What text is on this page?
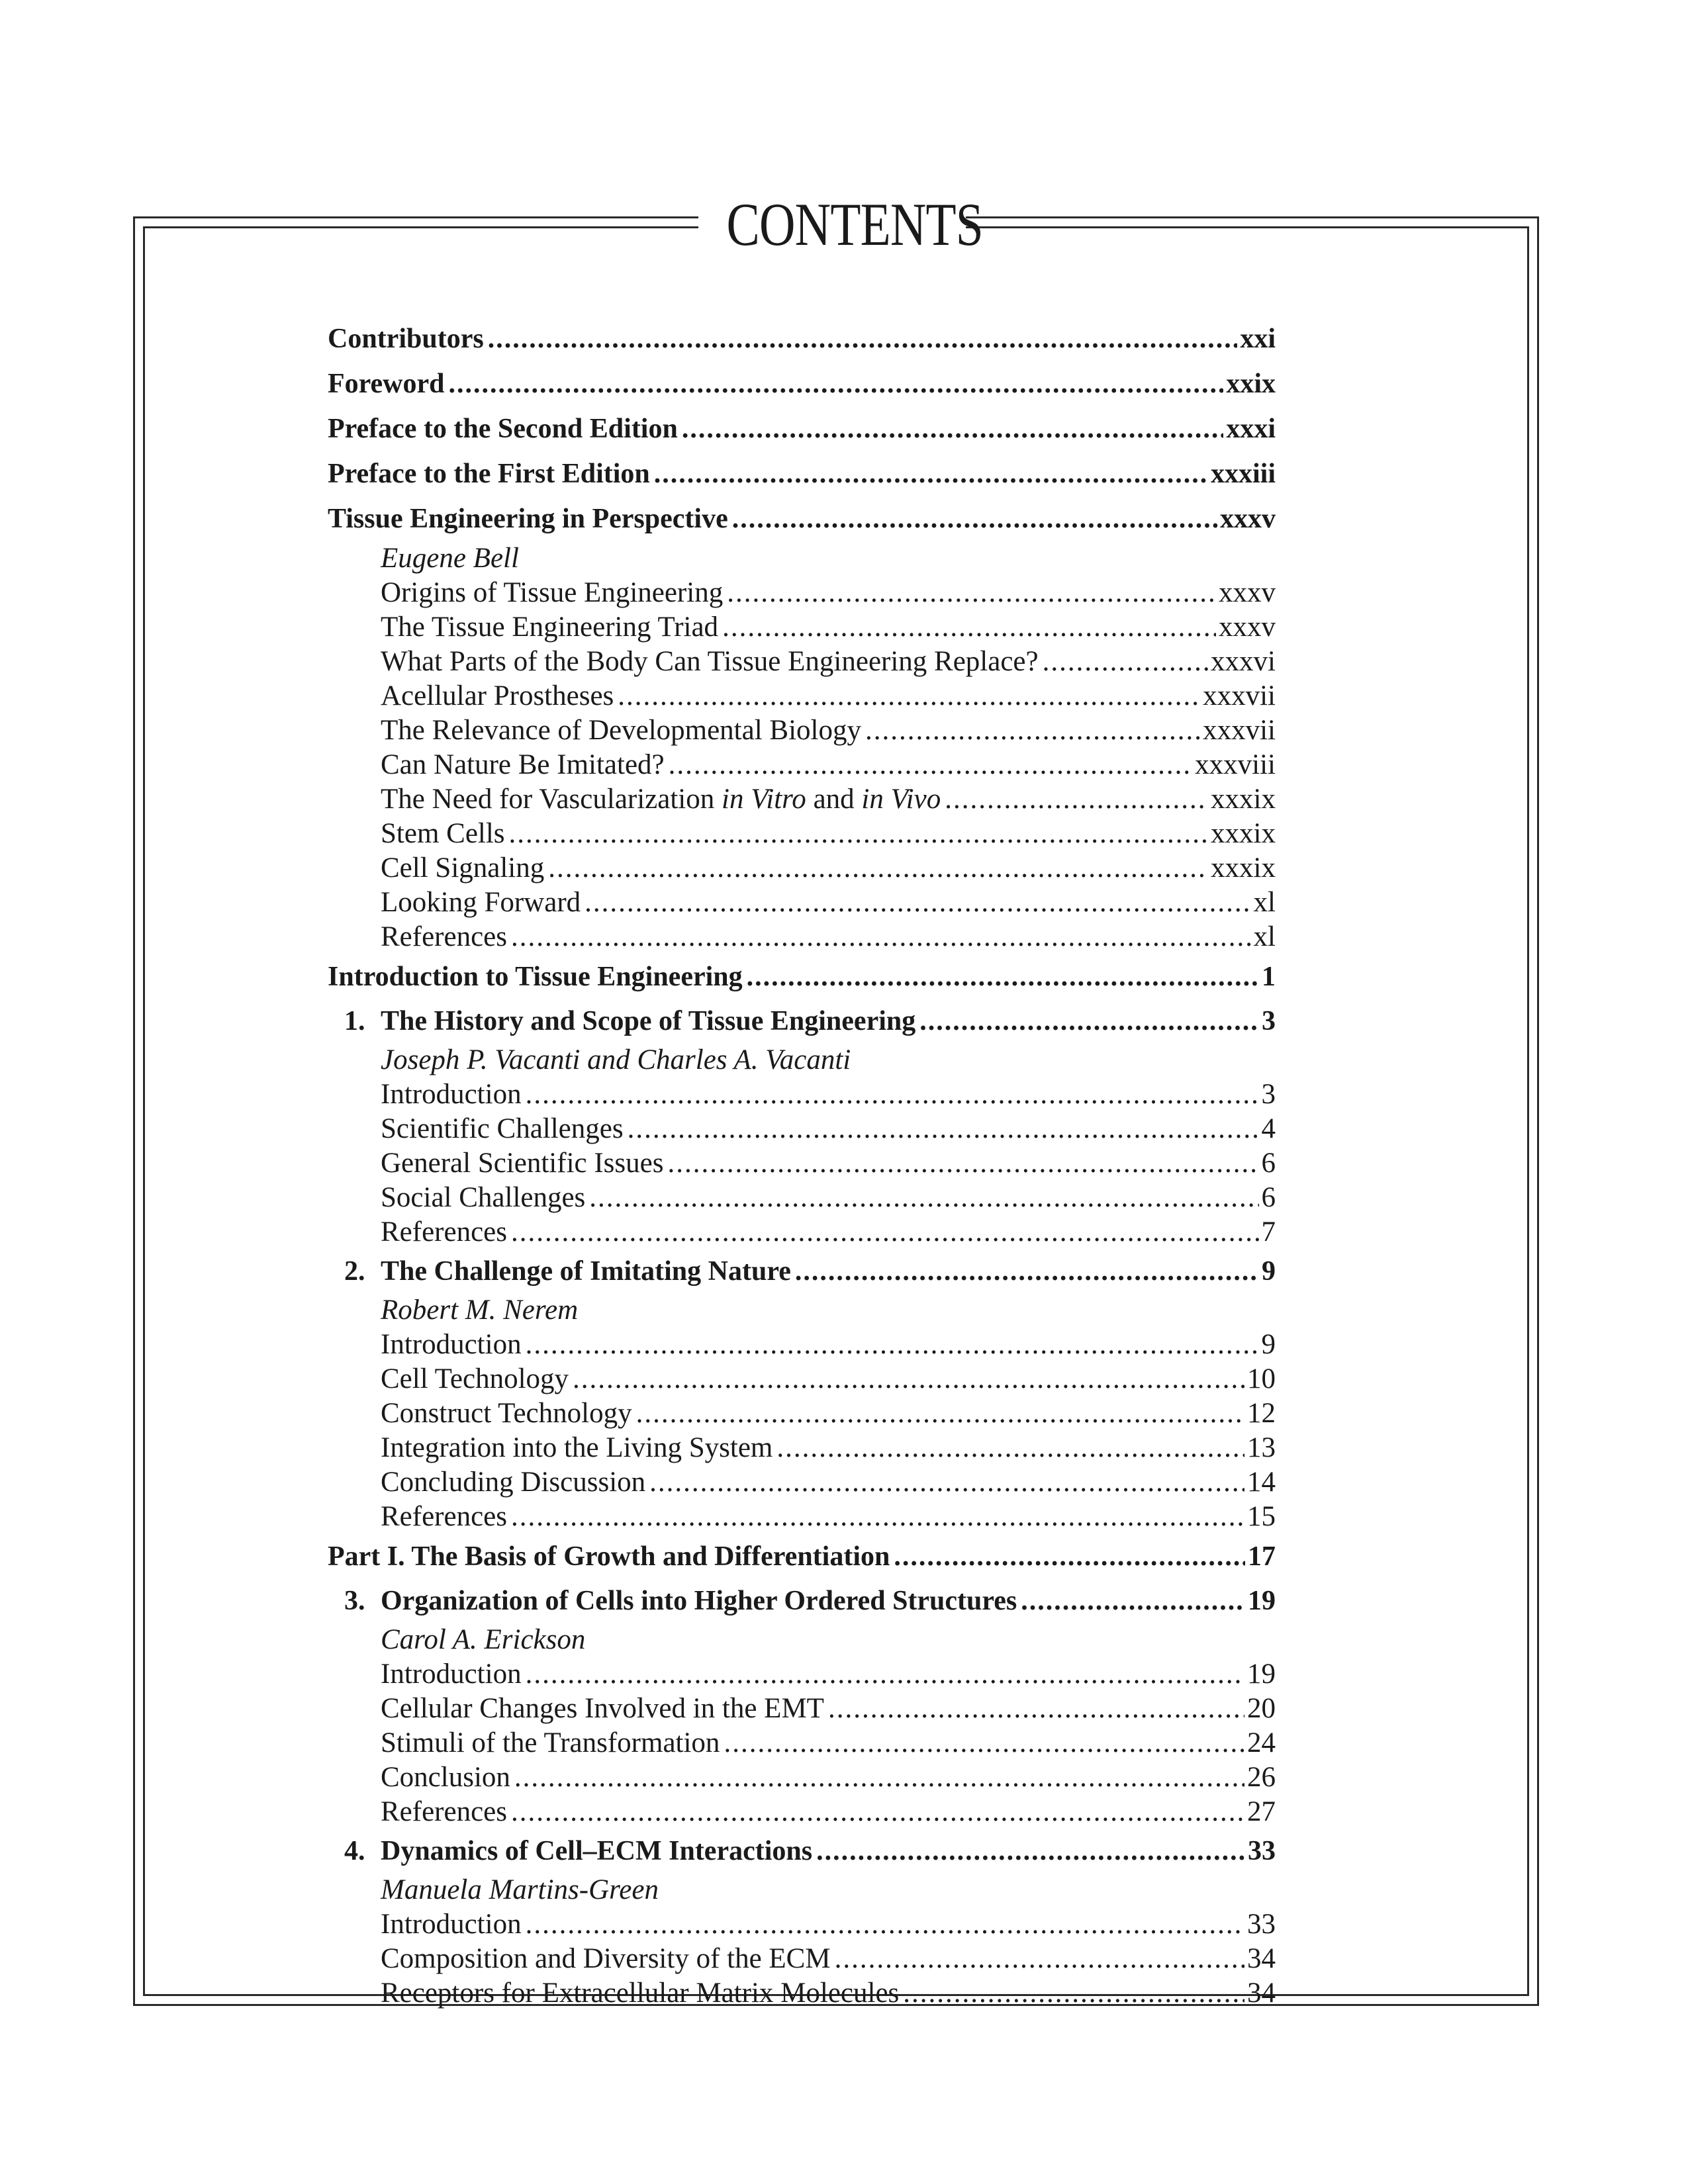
CONTENTS
Contributors .....	xxi
Foreword .....	xxix
Preface to the Second Edition .....	xxxi
Preface to the First Edition .....	xxxiii
Tissue Engineering in Perspective .....	xxxv
Eugene Bell
Origins of Tissue Engineering .....	xxxv
The Tissue Engineering Triad .....	xxxv
What Parts of the Body Can Tissue Engineering Replace? .....	xxxvi
Acellular Prostheses .....	xxxvii
The Relevance of Developmental Biology .....	xxxvii
Can Nature Be Imitated? .....	xxxviii
The Need for Vascularization in Vitro and in Vivo .....	xxxix
Stem Cells .....	xxxix
Cell Signaling .....	xxxix
Looking Forward .....	xl
References .....	xl
Introduction to Tissue Engineering .....	1
1. The History and Scope of Tissue Engineering .....	3
Joseph P. Vacanti and Charles A. Vacanti
Introduction .....	3
Scientific Challenges .....	4
General Scientific Issues .....	6
Social Challenges .....	6
References .....	7
2. The Challenge of Imitating Nature .....	9
Robert M. Nerem
Introduction .....	9
Cell Technology .....	10
Construct Technology .....	12
Integration into the Living System .....	13
Concluding Discussion .....	14
References .....	15
Part I. The Basis of Growth and Differentiation .....	17
3. Organization of Cells into Higher Ordered Structures .....	19
Carol A. Erickson
Introduction .....	19
Cellular Changes Involved in the EMT .....	20
Stimuli of the Transformation .....	24
Conclusion .....	26
References .....	27
4. Dynamics of Cell–ECM Interactions .....	33
Manuela Martins-Green
Introduction .....	33
Composition and Diversity of the ECM .....	34
Receptors for Extracellular Matrix Molecules .....	34
